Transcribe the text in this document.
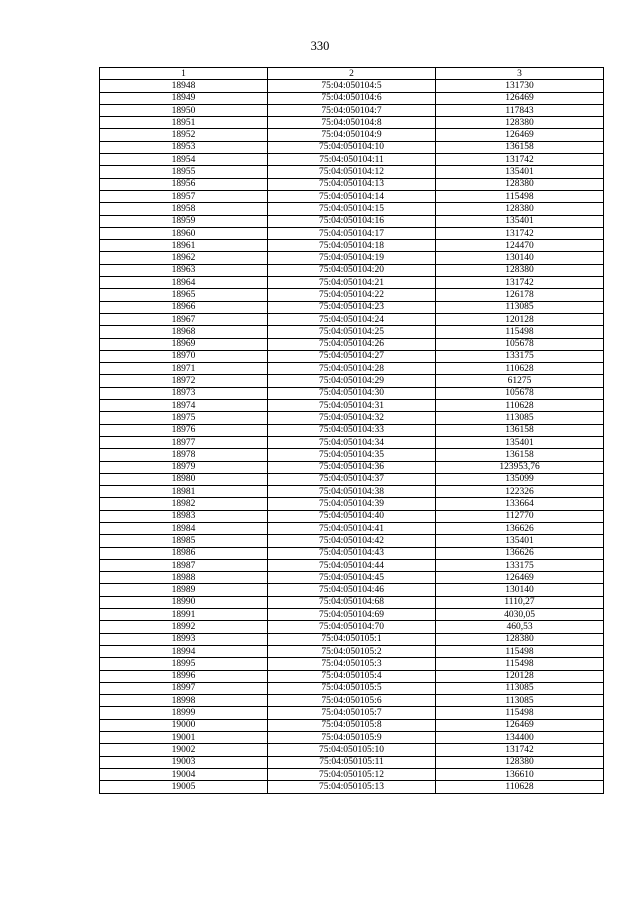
330
1	2	3
18948	75:04:050104:5	131730
18949	75:04:050104:6	126469
18950	75:04:050104:7	117843
18951	75:04:050104:8	128380
18952	75:04:050104:9	126469
18953	75:04:050104:10	136158
18954	75:04:050104:11	131742
18955	75:04:050104:12	135401
18956	75:04:050104:13	128380
18957	75:04:050104:14	115498
18958	75:04:050104:15	128380
18959	75:04:050104:16	135401
18960	75:04:050104:17	131742
18961	75:04:050104:18	124470
18962	75:04:050104:19	130140
18963	75:04:050104:20	128380
18964	75:04:050104:21	131742
18965	75:04:050104:22	126178
18966	75:04:050104:23	113085
18967	75:04:050104:24	120128
18968	75:04:050104:25	115498
18969	75:04:050104:26	105678
18970	75:04:050104:27	133175
18971	75:04:050104:28	110628
18972	75:04:050104:29	61275
18973	75:04:050104:30	105678
18974	75:04:050104:31	110628
18975	75:04:050104:32	113085
18976	75:04:050104:33	136158
18977	75:04:050104:34	135401
18978	75:04:050104:35	136158
18979	75:04:050104:36	123953,76
18980	75:04:050104:37	135099
18981	75:04:050104:38	122326
18982	75:04:050104:39	133664
18983	75:04:050104:40	112770
18984	75:04:050104:41	136626
18985	75:04:050104:42	135401
18986	75:04:050104:43	136626
18987	75:04:050104:44	133175
18988	75:04:050104:45	126469
18989	75:04:050104:46	130140
18990	75:04:050104:68	1110,27
18991	75:04:050104:69	4030,05
18992	75:04:050104:70	460,53
18993	75:04:050105:1	128380
18994	75:04:050105:2	115498
18995	75:04:050105:3	115498
18996	75:04:050105:4	120128
18997	75:04:050105:5	113085
18998	75:04:050105:6	113085
18999	75:04:050105:7	115498
19000	75:04:050105:8	126469
19001	75:04:050105:9	134400
19002	75:04:050105:10	131742
19003	75:04:050105:11	128380
19004	75:04:050105:12	136610
19005	75:04:050105:13	110628
